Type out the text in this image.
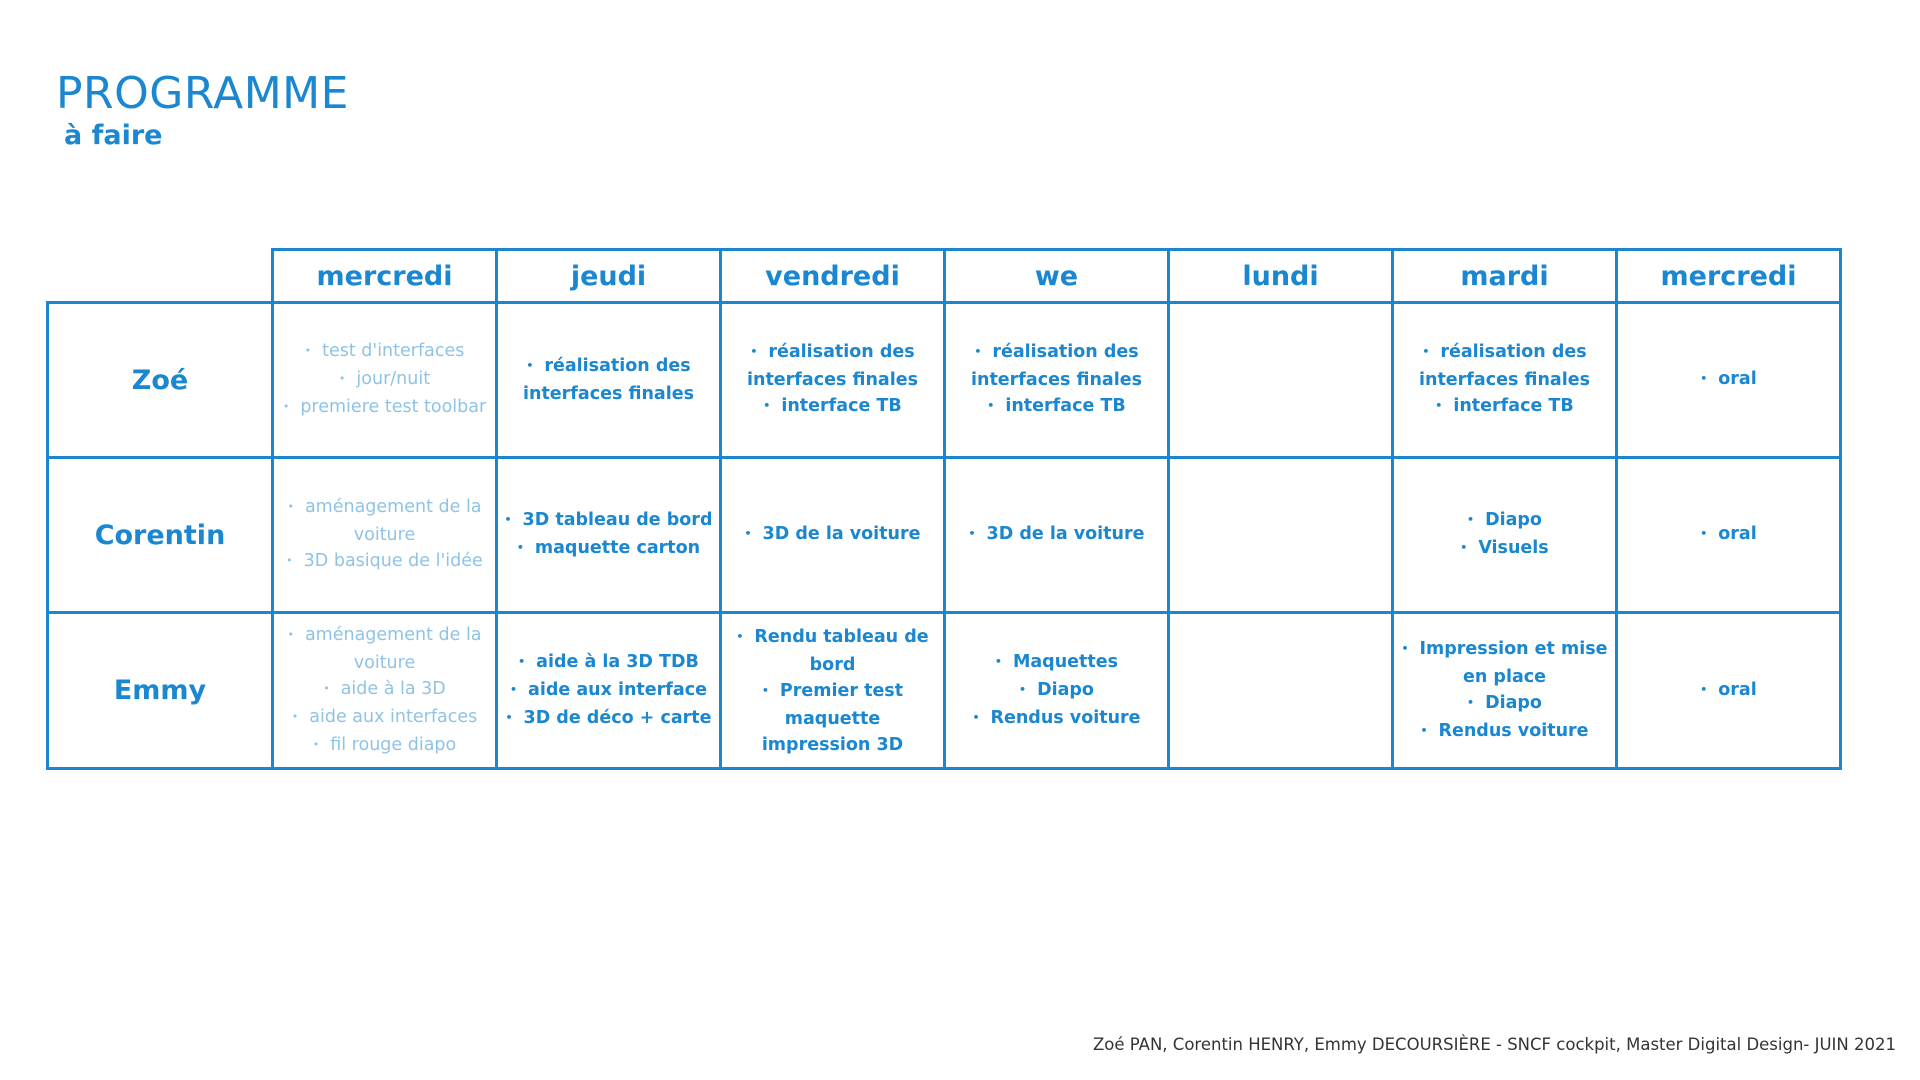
PROGRAMME
à faire
mercredi	jeudi	vendredi	we	lundi	mardi	mercredi
Zoé
• test d'interfaces
• jour/nuit
• premiere test toolbar
• réalisation des interfaces finales
• réalisation des interfaces finales
• interface TB
• réalisation des interfaces finales
• interface TB
• réalisation des interfaces finales
• interface TB
• oral
Corentin
• aménagement de la voiture
• 3D basique de l'idée
• 3D tableau de bord
• maquette carton
• 3D de la voiture
•	3D de la voiture
• Diapo
• Visuels
• oral
Emmy
• aménagement de la voiture
• aide à la 3D
• aide aux interfaces
• fil rouge diapo
• aide à la 3D TDB
• aide aux interface
• 3D de déco + carte
• Rendu tableau de bord
• Premier test maquette impression 3D
• Maquettes
• Diapo
• Rendus voiture
• Impression et mise en place
• Diapo
• Rendus voiture
• oral
Zoé PAN, Corentin HENRY, Emmy DECOURSIÈRE - SNCF cockpit, Master Digital Design- JUIN 2021
